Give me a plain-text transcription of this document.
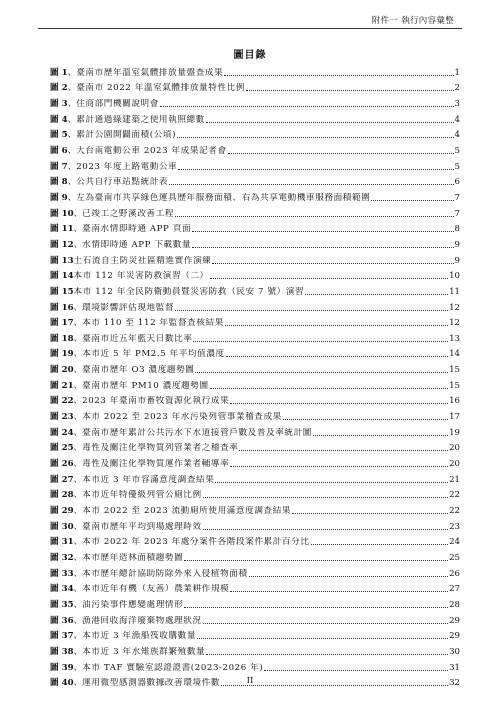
附件一 執行內容彙整
圖目錄
圖 1 、 臺南市歷年溫室氣體排放量盤查成果	1
圖 2 、 臺南市 2022 年溫室氣體排放量特性比例	2
圖 3 、 住商部門機關說明會	3
圖 4 、 累計通過綠建築之使用執照總數	4
圖 5 、 累計公園開闢面積(公頃)	4
圖 6 、 大台南電動公車 2023 年成果記者會	5
圖 7 、 2023 年度上路電動公車	5
圖 8 、 公共自行車站點統計表	6
圖 9 、 左為臺南市共享綠色運具歷年服務面積、右為共享電動機車服務面積範圍	7
圖 10 、 已竣工之野溪改善工程	7
圖 11 、 臺南水情即時通 APP 頁面	8
圖 12 、 水情即時通 APP 下載數量	9
圖 13 土石流自主防災社區精進實作演練	9
圖 14 本市 112 年災害防救演習（二）	10
圖 15 本市 112 年全民防衛動員暨災害防救（民安 7 號）演習	11
圖 16 、 環境影響評估現地監督	12
圖 17 、 本市 110 至 112 年監督查核結果	12
圖 18 、 臺南市近五年藍天日數比率	13
圖 19 、 本市近 5 年 PM2.5 年平均值濃度	14
圖 20 、 臺南市歷年 O3 濃度趨勢圖	15
圖 21 、 臺南市歷年 PM10 濃度趨勢圖	15
圖 22 、 2023 年臺南市畜牧資源化執行成果	16
圖 23 、 本市 2022 至 2023 年水污染列管事業稽查成果	17
圖 24 、 臺南市歷年累計公共污水下水道接管戶數及普及率統計圖	19
圖 25 、 毒性及關注化學物質列管業者之稽查率	20
圖 26 、 毒性及關注化學物質運作業者輔導率	20
圖 27 、 本市近 3 年市容滿意度調查結果	21
圖 28 、 本市近年特優級列管公廁比例	22
圖 29 、 本市 2022 至 2023 流動廁所使用滿意度調查結果	22
圖 30 、 臺南市歷年平均到場處理時效	23
圖 31 、 本市 2022 年 2023 年處分案件各階段案件累計百分比	24
圖 32 、 本市歷年造林面積趨勢圖	25
圖 33 、 本市歷年總計協助防除外來入侵植物面積	26
圖 34 、 本市近年有機（友善）農業耕作規模	27
圖 35 、 油污染事件應變處理情形	28
圖 36 、 漁港回收海洋廢棄物處理狀況	29
圖 37 、 本市近 3 年漁船筏收購數量	29
圖 38 、 本市近 3 年水雉族群繁殖數量	30
圖 39 、 本市 TAF 實驗室認證證書(2023-2026 年)	31
圖 40 、 運用微型感測器數據改善環境件數	32
II
